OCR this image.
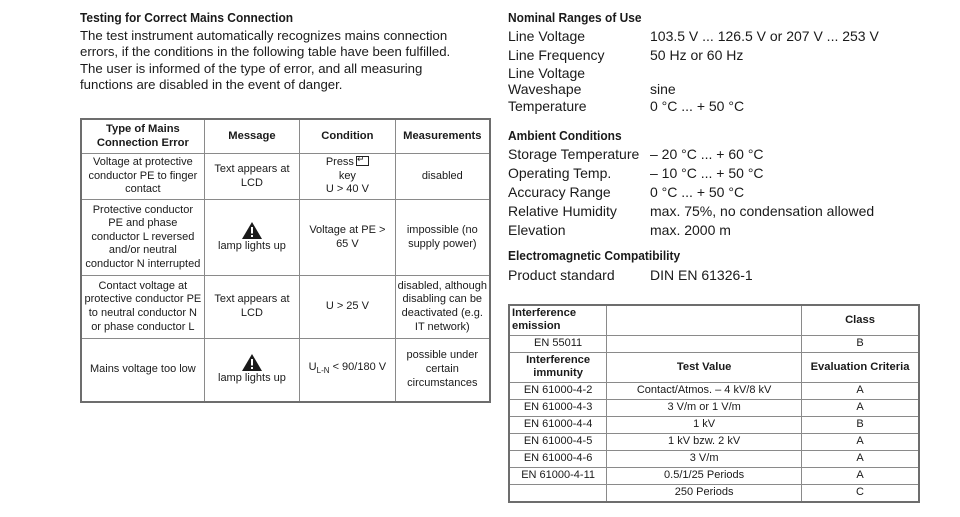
Testing for Correct Mains Connection
The test instrument automatically recognizes mains connection
errors, if the conditions in the following table have been fulfilled.
The user is informed of the type of error, and all measuring
functions are disabled in the event of danger.
Type of Mains Connection Error	Message	Condition	Measurements
Voltage at protective conductor PE to finger contact	Text appears at LCD	Press↵
key
U > 40 V	disabled
Protective conductor PE and phase conductor L reversed and/or neutral conductor N interrupted	lamp lights up	Voltage at PE > 65 V	impossible (no supply power)
Contact voltage at protective conductor PE to neutral conductor N or phase conductor L	Text appears at LCD	U > 25 V	disabled, although disabling can be deactivated (e.g. IT network)
Mains voltage too low	lamp lights up	$U_{L-N} < 90/180$ V	possible under certain circumstances
Nominal Ranges of Use
Line Voltage	103.5 V ... 126.5 V or 207 V ... 253 V
Line Frequency	50 Hz or 60 Hz
Line Voltage
Waveshape	sine
Temperature	0 °C ... + 50 °C
Ambient Conditions
Storage Temperature – 20 °C ... + 60 °C
Operating Temp.	– 10 °C ... + 50 °C
Accuracy Range	0 °C ... + 50 °C
Relative Humidity	max. 75%, no condensation allowed
Elevation	max. 2000 m
Electromagnetic Compatibility
Product standard	DIN EN 61326-1
Interference emission		Class
EN 55011		B
Interference immunity	Test Value	Evaluation Criteria
EN 61000-4-2	Contact/Atmos. – 4 kV/8 kV	A
EN 61000-4-3	3 V/m or 1 V/m	A
EN 61000-4-4	1 kV	B
EN 61000-4-5	1 kV bzw. 2 kV	A
EN 61000-4-6	3 V/m	A
EN 61000-4-11	0.5/1/25 Periods	A
	250 Periods	C
